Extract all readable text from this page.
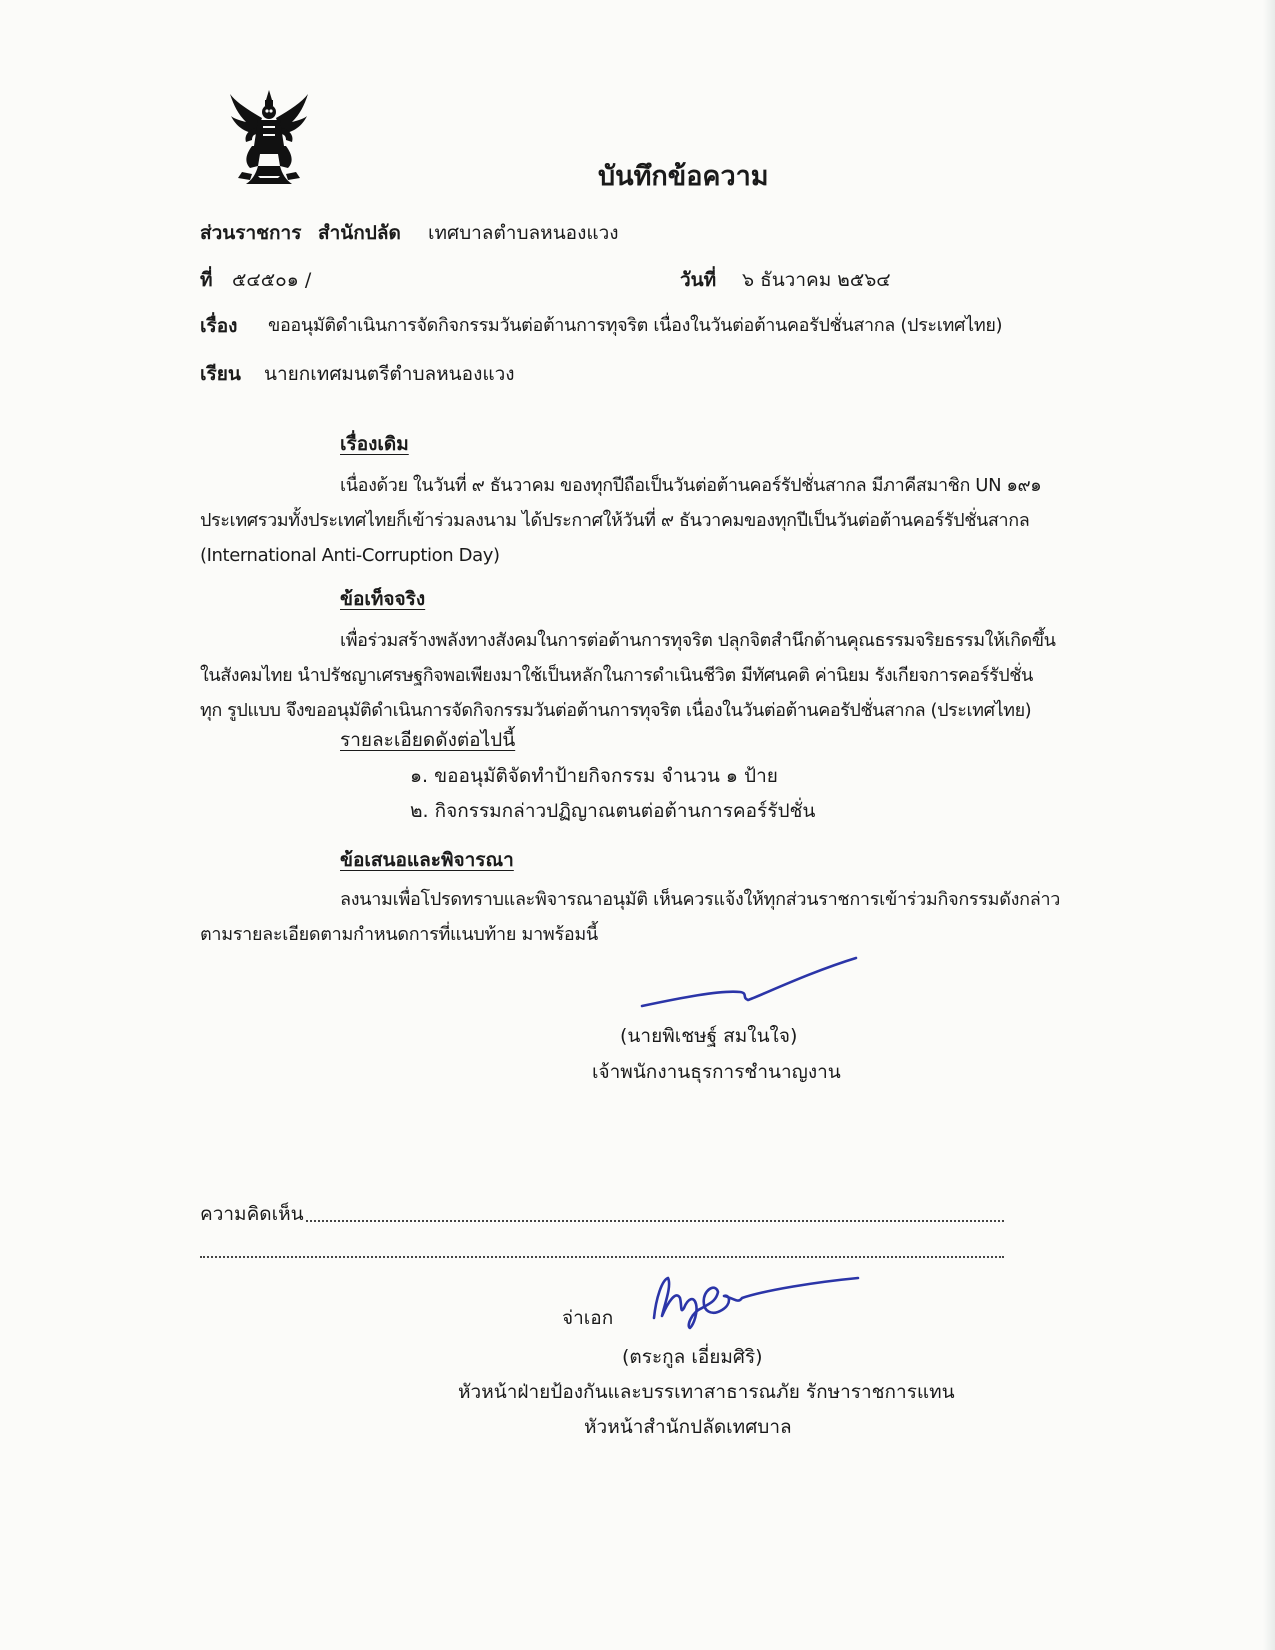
บันทึกข้อความ
ส่วนราชการ สำนักปลัด เทศบาลตำบลหนองแวง
ที่ ๕๔๕๐๑ /	วันที่ ๖ ธันวาคม ๒๕๖๔
เรื่อง ขออนุมัติดำเนินการจัดกิจกรรมวันต่อต้านการทุจริต เนื่องในวันต่อต้านคอรัปชั่นสากล (ประเทศไทย)
เรียน นายกเทศมนตรีตำบลหนองแวง
เรื่องเดิม
เนื่องด้วย ในวันที่ ๙ ธันวาคม ของทุกปีถือเป็นวันต่อต้านคอร์รัปชั่นสากล มีภาคีสมาชิก UN ๑๙๑
ประเทศรวมทั้งประเทศไทยก็เข้าร่วมลงนาม ได้ประกาศให้วันที่ ๙ ธันวาคมของทุกปีเป็นวันต่อต้านคอร์รัปชั่นสากล
(International Anti-Corruption Day)
ข้อเท็จจริง
เพื่อร่วมสร้างพลังทางสังคมในการต่อต้านการทุจริต ปลุกจิตสำนึกด้านคุณธรรมจริยธรรมให้เกิดขึ้น
ในสังคมไทย นำปรัชญาเศรษฐกิจพอเพียงมาใช้เป็นหลักในการดำเนินชีวิต มีทัศนคติ ค่านิยม รังเกียจการคอร์รัปชั่น
ทุก รูปแบบ จึงขออนุมัติดำเนินการจัดกิจกรรมวันต่อต้านการทุจริต เนื่องในวันต่อต้านคอรัปชั่นสากล (ประเทศไทย)
รายละเอียดดังต่อไปนี้
๑. ขออนุมัติจัดทำป้ายกิจกรรม จำนวน ๑ ป้าย
๒. กิจกรรมกล่าวปฏิญาณตนต่อต้านการคอร์รัปชั่น
ข้อเสนอและพิจารณา
ลงนามเพื่อโปรดทราบและพิจารณาอนุมัติ เห็นควรแจ้งให้ทุกส่วนราชการเข้าร่วมกิจกรรมดังกล่าว
ตามรายละเอียดตามกำหนดการที่แนบท้าย มาพร้อมนี้
(นายพิเชษฐ์ สมในใจ)
เจ้าพนักงานธุรการชำนาญงาน
ความคิดเห็น
จ่าเอก
(ตระกูล เอี่ยมศิริ)
หัวหน้าฝ่ายป้องกันและบรรเทาสาธารณภัย รักษาราชการแทน
หัวหน้าสำนักปลัดเทศบาล
